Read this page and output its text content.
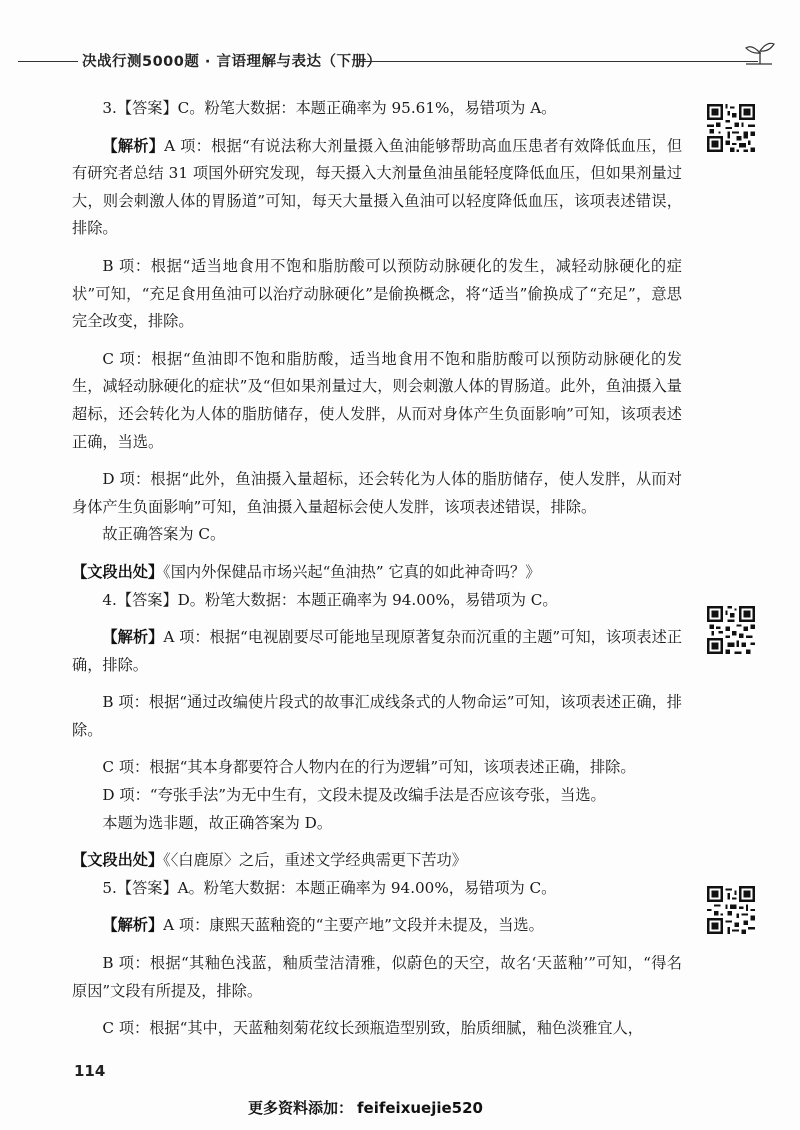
决战行测5000题 · 言语理解与表达（下册）

3.【答案】C。粉笔大数据：本题正确率为 95.61%，易错项为 A。

【解析】A 项：根据“有说法称大剂量摄入鱼油能够帮助高血压患者有效降低血压，但有研究者总结 31 项国外研究发现，每天摄入大剂量鱼油虽能轻度降低血压，但如果剂量过大，则会刺激人体的胃肠道”可知，每天大量摄入鱼油可以轻度降低血压，该项表述错误，排除。

B 项：根据“适当地食用不饱和脂肪酸可以预防动脉硬化的发生，减轻动脉硬化的症状”可知，“充足食用鱼油可以治疗动脉硬化”是偷换概念，将“适当”偷换成了“充足”，意思完全改变，排除。

C 项：根据“鱼油即不饱和脂肪酸，适当地食用不饱和脂肪酸可以预防动脉硬化的发生，减轻动脉硬化的症状”及“但如果剂量过大，则会刺激人体的胃肠道。此外，鱼油摄入量超标，还会转化为人体的脂肪储存，使人发胖，从而对身体产生负面影响”可知，该项表述正确，当选。

D 项：根据“此外，鱼油摄入量超标，还会转化为人体的脂肪储存，使人发胖，从而对身体产生负面影响”可知，鱼油摄入量超标会使人发胖，该项表述错误，排除。

故正确答案为 C。

【文段出处】《国内外保健品市场兴起“鱼油热” 它真的如此神奇吗？》

4.【答案】D。粉笔大数据：本题正确率为 94.00%，易错项为 C。

【解析】A 项：根据“电视剧要尽可能地呈现原著复杂而沉重的主题”可知，该项表述正确，排除。

B 项：根据“通过改编使片段式的故事汇成线条式的人物命运”可知，该项表述正确，排除。

C 项：根据“其本身都要符合人物内在的行为逻辑”可知，该项表述正确，排除。

D 项：“夸张手法”为无中生有，文段未提及改编手法是否应该夸张，当选。

本题为选非题，故正确答案为 D。

【文段出处】《〈白鹿原〉之后，重述文学经典需更下苦功》

5.【答案】A。粉笔大数据：本题正确率为 94.00%，易错项为 C。

【解析】A 项：康熙天蓝釉瓷的“主要产地”文段并未提及，当选。

B 项：根据“其釉色浅蓝，釉质莹洁清雅，似蔚色的天空，故名‘天蓝釉’”可知，“得名原因”文段有所提及，排除。

C 项：根据“其中，天蓝釉刻菊花纹长颈瓶造型别致，胎质细腻，釉色淡雅宜人，

114
更多资料添加： feifeixuejie520
